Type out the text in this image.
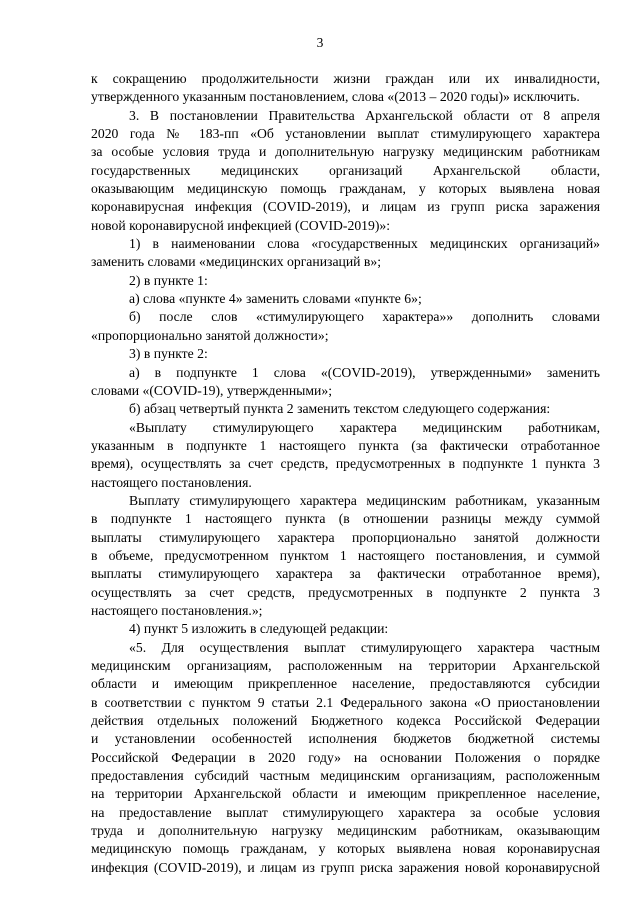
3
к сокращению продолжительности жизни граждан или их инвалидности,
утвержденного указанным постановлением, слова «(2013 – 2020 годы)» исключить.
3. В постановлении Правительства Архангельской области от 8 апреля
2020 года № 183-пп «Об установлении выплат стимулирующего характера
за особые условия труда и дополнительную нагрузку медицинским работникам
государственных медицинских организаций Архангельской области,
оказывающим медицинскую помощь гражданам, у которых выявлена новая
коронавирусная инфекция (COVID-2019), и лицам из групп риска заражения
новой коронавирусной инфекцией (COVID-2019)»:
1) в наименовании слова «государственных медицинских организаций»
заменить словами «медицинских организаций в»;
2) в пункте 1:
а) слова «пункте 4» заменить словами «пункте 6»;
б) после слов «стимулирующего характера»» дополнить словами
«пропорционально занятой должности»;
3) в пункте 2:
а) в подпункте 1 слова «(COVID-2019), утвержденными» заменить
словами «(COVID-19), утвержденными»;
б) абзац четвертый пункта 2 заменить текстом следующего содержания:
«Выплату стимулирующего характера медицинским работникам,
указанным в подпункте 1 настоящего пункта (за фактически отработанное
время), осуществлять за счет средств, предусмотренных в подпункте 1 пункта 3
настоящего постановления.
Выплату стимулирующего характера медицинским работникам, указанным
в подпункте 1 настоящего пункта (в отношении разницы между суммой
выплаты стимулирующего характера пропорционально занятой должности
в объеме, предусмотренном пунктом 1 настоящего постановления, и суммой
выплаты стимулирующего характера за фактически отработанное время),
осуществлять за счет средств, предусмотренных в подпункте 2 пункта 3
настоящего постановления.»;
4) пункт 5 изложить в следующей редакции:
«5. Для осуществления выплат стимулирующего характера частным
медицинским организациям, расположенным на территории Архангельской
области и имеющим прикрепленное население, предоставляются субсидии
в соответствии с пунктом 9 статьи 2.1 Федерального закона «О приостановлении
действия отдельных положений Бюджетного кодекса Российской Федерации
и установлении особенностей исполнения бюджетов бюджетной системы
Российской Федерации в 2020 году» на основании Положения о порядке
предоставления субсидий частным медицинским организациям, расположенным
на территории Архангельской области и имеющим прикрепленное население,
на предоставление выплат стимулирующего характера за особые условия
труда и дополнительную нагрузку медицинским работникам, оказывающим
медицинскую помощь гражданам, у которых выявлена новая коронавирусная
инфекция (COVID-2019), и лицам из групп риска заражения новой коронавирусной
